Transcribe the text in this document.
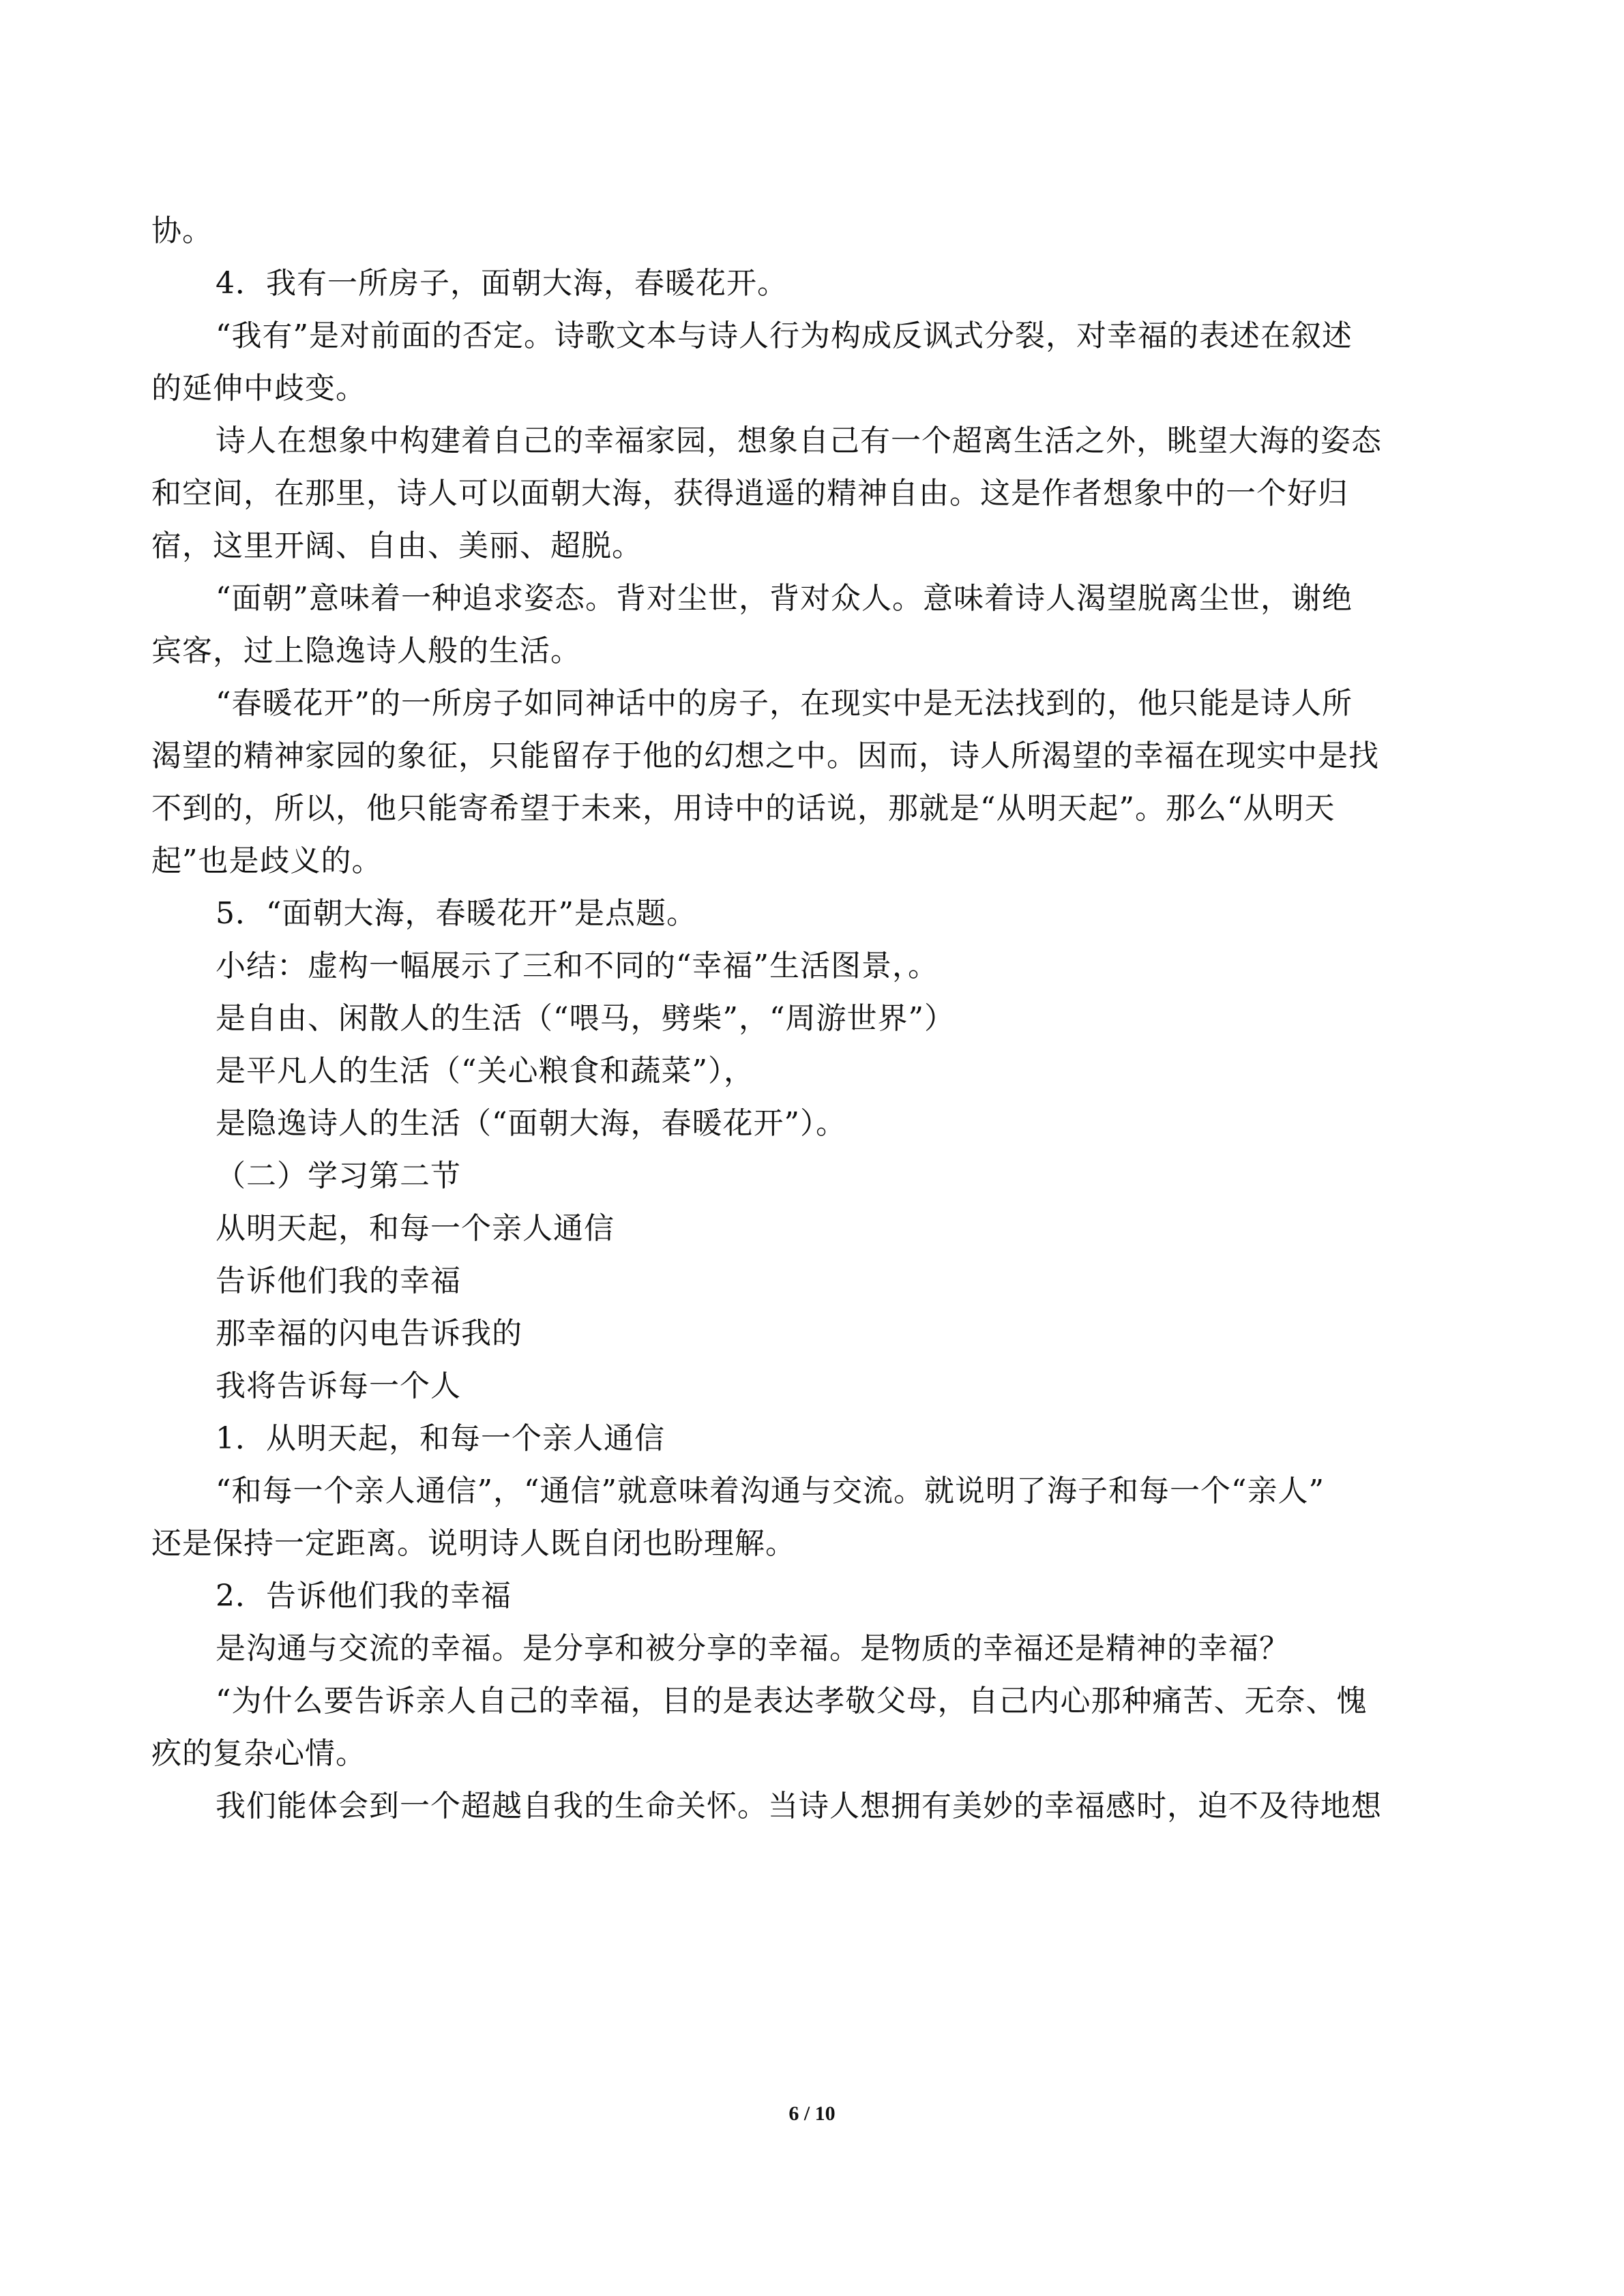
协。
4．我有一所房子，面朝大海，春暖花开。
“我有”是对前面的否定。诗歌文本与诗人行为构成反讽式分裂，对幸福的表述在叙述
的延伸中歧变。
诗人在想象中构建着自己的幸福家园，想象自己有一个超离生活之外，眺望大海的姿态
和空间，在那里，诗人可以面朝大海，获得逍遥的精神自由。这是作者想象中的一个好归
宿，这里开阔、自由、美丽、超脱。
“面朝”意味着一种追求姿态。背对尘世，背对众人。意味着诗人渴望脱离尘世，谢绝
宾客，过上隐逸诗人般的生活。
“春暖花开”的一所房子如同神话中的房子，在现实中是无法找到的，他只能是诗人所
渴望的精神家园的象征，只能留存于他的幻想之中。因而，诗人所渴望的幸福在现实中是找
不到的，所以，他只能寄希望于未来，用诗中的话说，那就是“从明天起”。那么“从明天
起”也是歧义的。
5．“面朝大海，春暖花开”是点题。
小结：虚构一幅展示了三和不同的“幸福”生活图景，。
是自由、闲散人的生活（“喂马，劈柴”，“周游世界”）
是平凡人的生活（“关心粮食和蔬菜”），
是隐逸诗人的生活（“面朝大海，春暖花开”）。
（二）学习第二节
从明天起，和每一个亲人通信
告诉他们我的幸福
那幸福的闪电告诉我的
我将告诉每一个人
1．从明天起，和每一个亲人通信
“和每一个亲人通信”，“通信”就意味着沟通与交流。就说明了海子和每一个“亲人”
还是保持一定距离。说明诗人既自闭也盼理解。
2．告诉他们我的幸福
是沟通与交流的幸福。是分享和被分享的幸福。是物质的幸福还是精神的幸福？
“为什么要告诉亲人自己的幸福，目的是表达孝敬父母，自己内心那种痛苦、无奈、愧
疚的复杂心情。
我们能体会到一个超越自我的生命关怀。当诗人想拥有美妙的幸福感时，迫不及待地想
6 / 10
